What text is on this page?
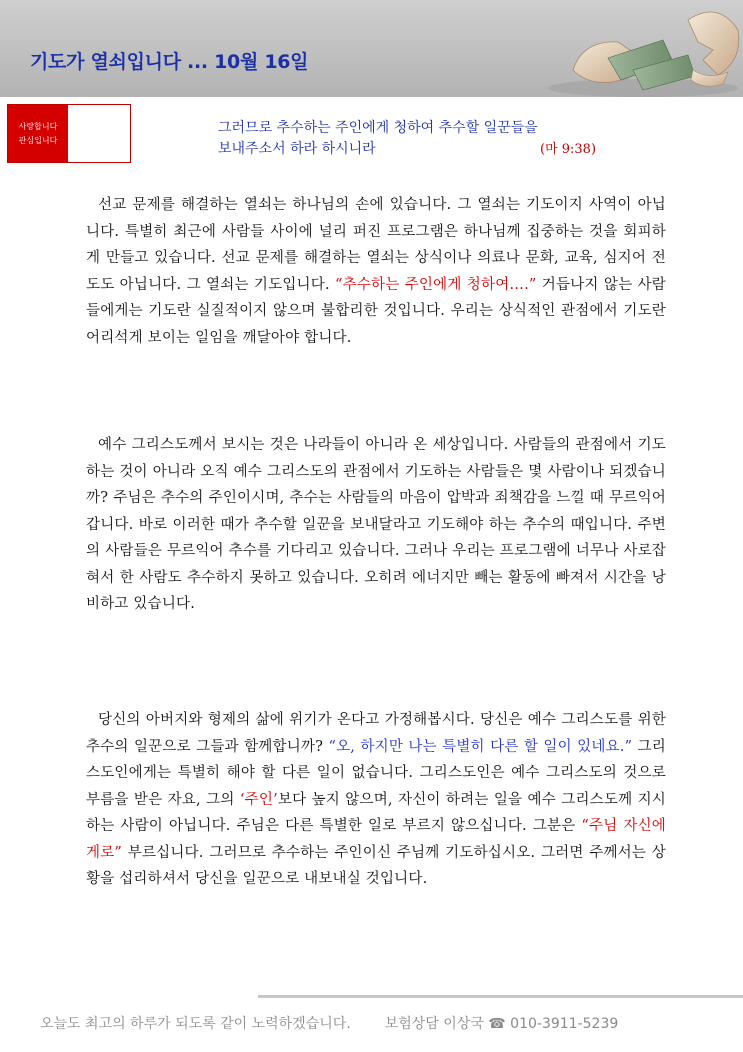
기도가 열쇠입니다 ... 10월 16일
사랑합니다
관심입니다
그러므로 추수하는 주인에게 청하여 추수할 일꾼들을
보내주소서 하라 하시니라	(마 9:38)
선교 문제를 해결하는 열쇠는 하나님의 손에 있습니다. 그 열쇠는 기도이지 사역이 아닙니다. 특별히 최근에 사람들 사이에 널리 퍼진 프로그램은 하나님께 집중하는 것을 회피하게 만들고 있습니다. 선교 문제를 해결하는 열쇠는 상식이나 의료나 문화, 교육, 심지어 전도도 아닙니다. 그 열쇠는 기도입니다. “추수하는 주인에게 청하여….” 거듭나지 않는 사람들에게는 기도란 실질적이지 않으며 불합리한 것입니다. 우리는 상식적인 관점에서 기도란 어리석게 보이는 일임을 깨달아야 합니다.
예수 그리스도께서 보시는 것은 나라들이 아니라 온 세상입니다. 사람들의 관점에서 기도하는 것이 아니라 오직 예수 그리스도의 관점에서 기도하는 사람들은 몇 사람이나 되겠습니까? 주님은 추수의 주인이시며, 추수는 사람들의 마음이 압박과 죄책감을 느낄 때 무르익어갑니다. 바로 이러한 때가 추수할 일꾼을 보내달라고 기도해야 하는 추수의 때입니다. 주변의 사람들은 무르익어 추수를 기다리고 있습니다. 그러나 우리는 프로그램에 너무나 사로잡혀서 한 사람도 추수하지 못하고 있습니다. 오히려 에너지만 빼는 활동에 빠져서 시간을 낭비하고 있습니다.
당신의 아버지와 형제의 삶에 위기가 온다고 가정해봅시다. 당신은 예수 그리스도를 위한 추수의 일꾼으로 그들과 함께합니까? “오, 하지만 나는 특별히 다른 할 일이 있네요.” 그리스도인에게는 특별히 해야 할 다른 일이 없습니다. 그리스도인은 예수 그리스도의 것으로 부름을 받은 자요, 그의 ‘주인’보다 높지 않으며, 자신이 하려는 일을 예수 그리스도께 지시하는 사람이 아닙니다. 주님은 다른 특별한 일로 부르지 않으십니다. 그분은 “주님 자신에게로” 부르십니다. 그러므로 추수하는 주인이신 주님께 기도하십시오. 그러면 주께서는 상황을 섭리하셔서 당신을 일꾼으로 내보내실 것입니다.
오늘도 최고의 하루가 되도록 같이 노력하겠습니다. 보험상담 이상국 ☎ 010-3911-5239
